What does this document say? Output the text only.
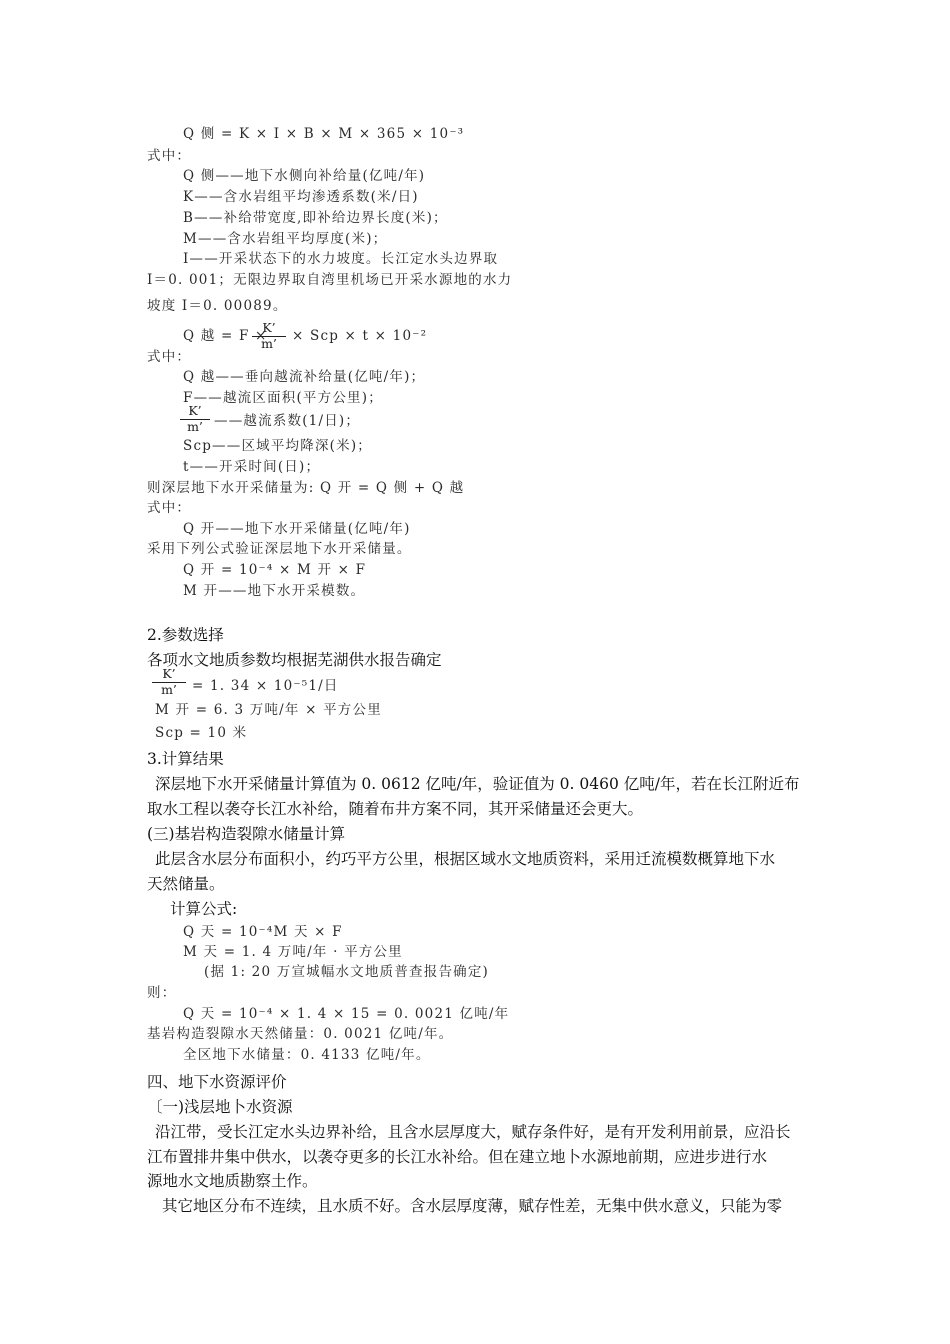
Q 侧 = K × I × B × M × 365 × 10⁻³
式中：
Q 侧——地下水侧向补给量(亿吨/年)
K——含水岩组平均渗透系数(米/日)
B——补给带宽度,即补给边界长度(米)；
M——含水岩组平均厚度(米)；
I——开采状态下的水力坡度。长江定水头边界取
I＝0. 001；无限边界取自湾里机场已开采水源地的水力
坡度 I＝0. 00089。
Q 越 = F ×
K’
m’	× Scp × t × 10⁻²
式中：
Q 越——垂向越流补给量(亿吨/年)；
F——越流区面积(平方公里)；
K’
m’ ——越流系数(1/日)；
Scp——区域平均降深(米)；
t——开采时间(日)；
则深层地下水开采储量为: Q 开 = Q 侧 + Q 越
式中：
Q 开——地下水开采储量(亿吨/年)
采用下列公式验证深层地下水开采储量。
Q 开 = 10⁻⁴ × M 开 × F
M 开——地下水开采模数。
2.参数选择
各项水文地质参数均根据芜湖供水报告确定
K’
m’	= 1. 34 × 10⁻⁵1/日
M 开 = 6. 3 万吨/年 × 平方公里
Scp = 10 米
3.计算结果
深层地下水开采储量计算值为 0. 0612 亿吨/年，验证值为 0. 0460 亿吨/年，若在长江附近布
取水工程以袭夺长江水补给，随着布井方案不同，其开采储量还会更大。
(三)基岩构造裂隙水储量计算
此层含水层分布面积小，约巧平方公里，根据区域水文地质资料，采用迁流模数概算地下水
天然储量。
计算公式:
Q 天 = 10⁻⁴M 天 × F
M 天 = 1. 4 万吨/年 · 平方公里
(据 1: 20 万宣城幅水文地质普查报告确定)
则：
Q 天 = 10⁻⁴ × 1. 4 × 15 = 0. 0021 亿吨/年
基岩构造裂隙水天然储量：0. 0021 亿吨/年。
全区地下水储量：0. 4133 亿吨/年。
四、地下水资源评价
〔一)浅层地卜水资源
沿江带，受长江定水头边界补给，且含水层厚度大，赋存条件好，是有开发利用前景，应沿长
江布置排井集中供水，以袭夺更多的长江水补给。但在建立地卜水源地前期，应进步进行水
源地水文地质勘察土作。
其它地区分布不连续，且水质不好。含水层厚度薄，赋存性差，无集中供水意义，只能为零
